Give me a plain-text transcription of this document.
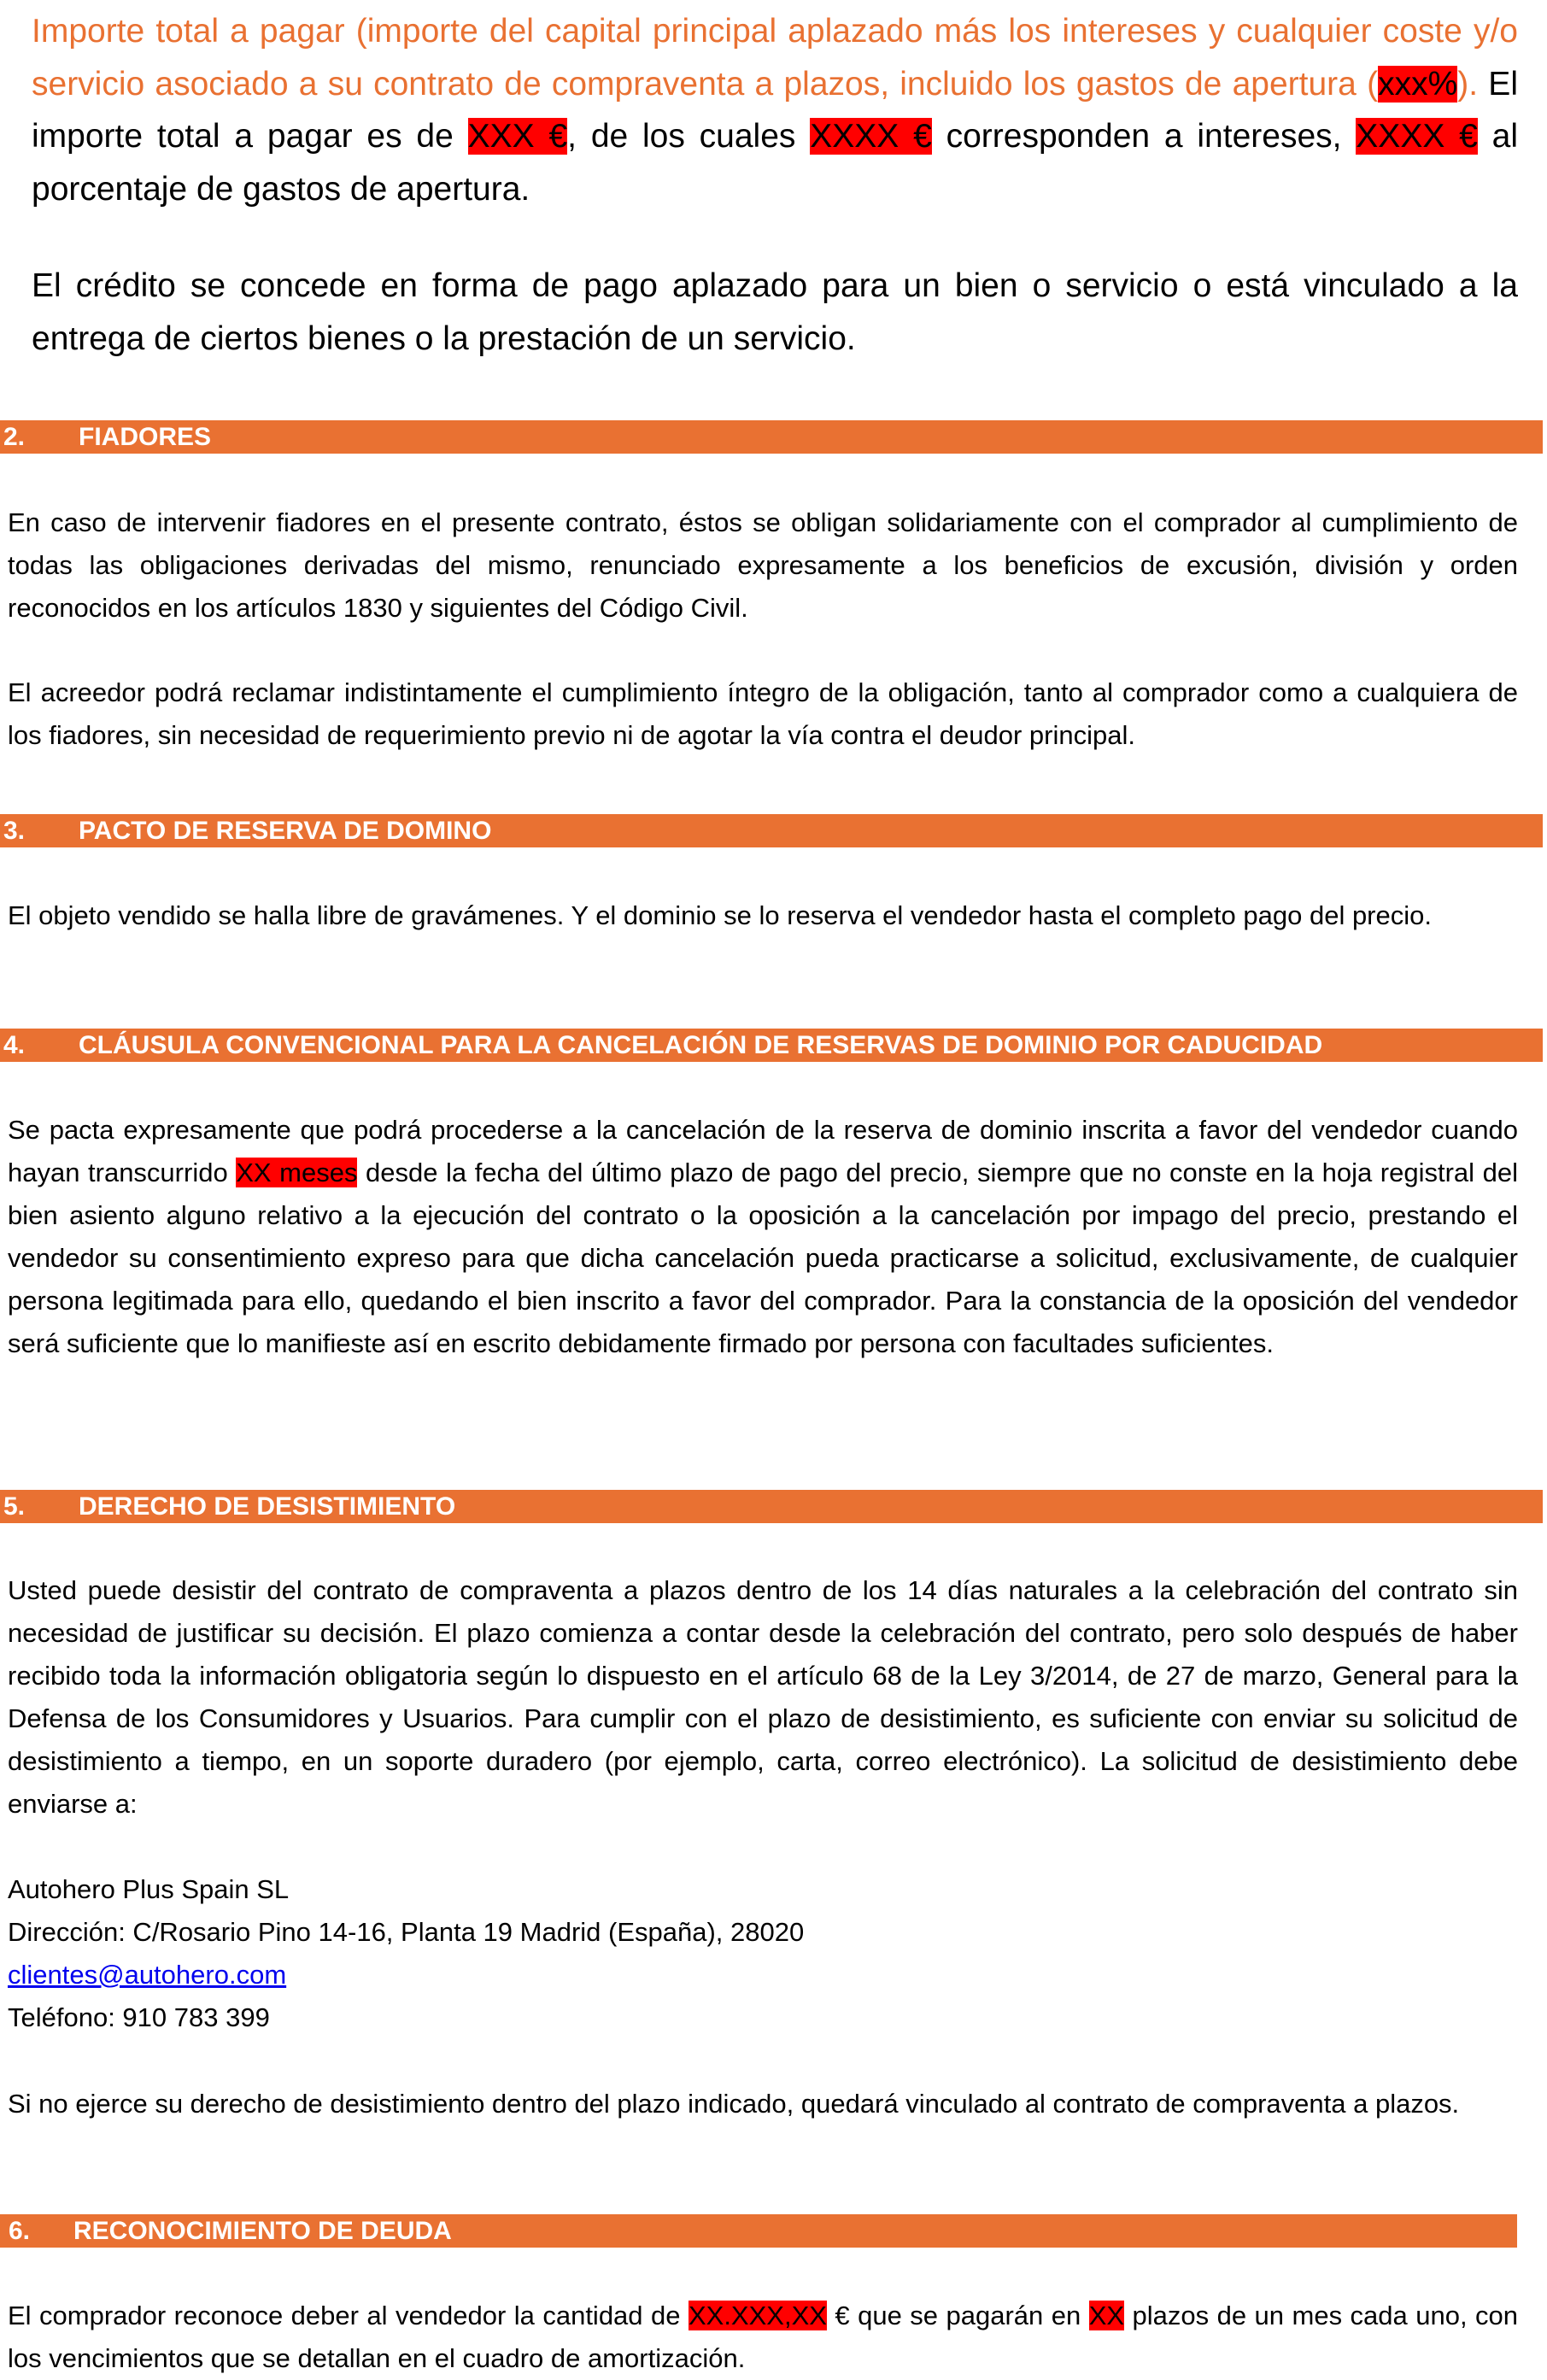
Importe total a pagar (importe del capital principal aplazado más los intereses y cualquier coste y/o servicio asociado a su contrato de compraventa a plazos, incluido los gastos de apertura (xxx%). El importe total a pagar es de XXX €, de los cuales XXXX € corresponden a intereses, XXXX € al porcentaje de gastos de apertura.

El crédito se concede en forma de pago aplazado para un bien o servicio o está vinculado a la entrega de ciertos bienes o la prestación de un servicio.

2. FIADORES

En caso de intervenir fiadores en el presente contrato, éstos se obligan solidariamente con el comprador al cumplimiento de todas las obligaciones derivadas del mismo, renunciado expresamente a los beneficios de excusión, división y orden reconocidos en los artículos 1830 y siguientes del Código Civil.

El acreedor podrá reclamar indistintamente el cumplimiento íntegro de la obligación, tanto al comprador como a cualquiera de los fiadores, sin necesidad de requerimiento previo ni de agotar la vía contra el deudor principal.

3. PACTO DE RESERVA DE DOMINO

El objeto vendido se halla libre de gravámenes. Y el dominio se lo reserva el vendedor hasta el completo pago del precio.

4. CLÁUSULA CONVENCIONAL PARA LA CANCELACIÓN DE RESERVAS DE DOMINIO POR CADUCIDAD

Se pacta expresamente que podrá procederse a la cancelación de la reserva de dominio inscrita a favor del vendedor cuando hayan transcurrido XX meses desde la fecha del último plazo de pago del precio, siempre que no conste en la hoja registral del bien asiento alguno relativo a la ejecución del contrato o la oposición a la cancelación por impago del precio, prestando el vendedor su consentimiento expreso para que dicha cancelación pueda practicarse a solicitud, exclusivamente, de cualquier persona legitimada para ello, quedando el bien inscrito a favor del comprador. Para la constancia de la oposición del vendedor será suficiente que lo manifieste así en escrito debidamente firmado por persona con facultades suficientes.

5. DERECHO DE DESISTIMIENTO

Usted puede desistir del contrato de compraventa a plazos dentro de los 14 días naturales a la celebración del contrato sin necesidad de justificar su decisión. El plazo comienza a contar desde la celebración del contrato, pero solo después de haber recibido toda la información obligatoria según lo dispuesto en el artículo 68 de la Ley 3/2014, de 27 de marzo, General para la Defensa de los Consumidores y Usuarios. Para cumplir con el plazo de desistimiento, es suficiente con enviar su solicitud de desistimiento a tiempo, en un soporte duradero (por ejemplo, carta, correo electrónico). La solicitud de desistimiento debe enviarse a:

Autohero Plus Spain SL
Dirección: C/Rosario Pino 14-16, Planta 19 Madrid (España), 28020
clientes@autohero.com
Teléfono: 910 783 399

Si no ejerce su derecho de desistimiento dentro del plazo indicado, quedará vinculado al contrato de compraventa a plazos.

6. RECONOCIMIENTO DE DEUDA

El comprador reconoce deber al vendedor la cantidad de XX.XXX,XX € que se pagarán en XX plazos de un mes cada uno, con los vencimientos que se detallan en el cuadro de amortización.
